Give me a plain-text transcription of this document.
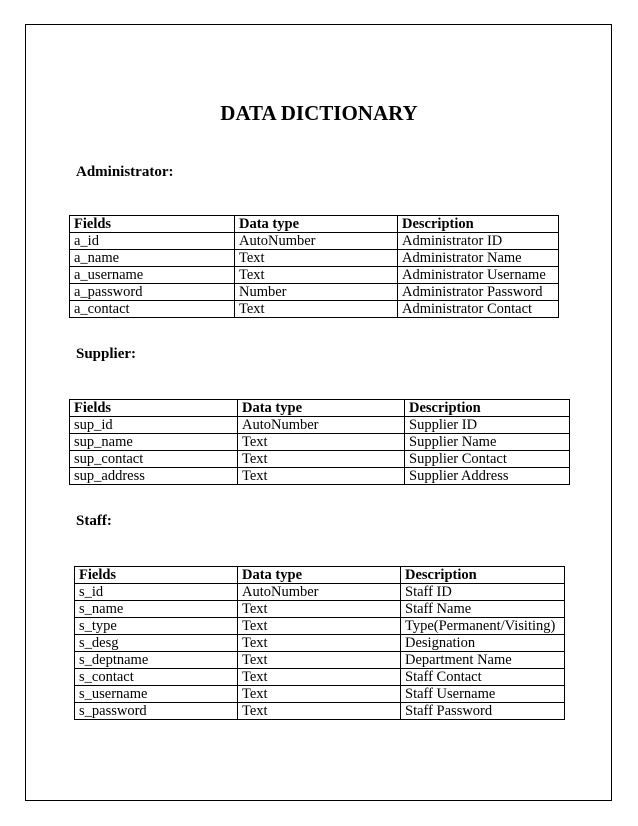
DATA DICTIONARY
Administrator:
Fields	Data type	Description
a_id	AutoNumber	Administrator ID
a_name	Text	Administrator Name
a_username	Text	Administrator Username
a_password	Number	Administrator Password
a_contact	Text	Administrator Contact
Supplier:
Fields	Data type	Description
sup_id	AutoNumber	Supplier ID
sup_name	Text	Supplier Name
sup_contact	Text	Supplier Contact
sup_address	Text	Supplier Address
Staff:
Fields	Data type	Description
s_id	AutoNumber	Staff ID
s_name	Text	Staff Name
s_type	Text	Type(Permanent/Visiting)
s_desg	Text	Designation
s_deptname	Text	Department Name
s_contact	Text	Staff Contact
s_username	Text	Staff Username
s_password	Text	Staff Password
